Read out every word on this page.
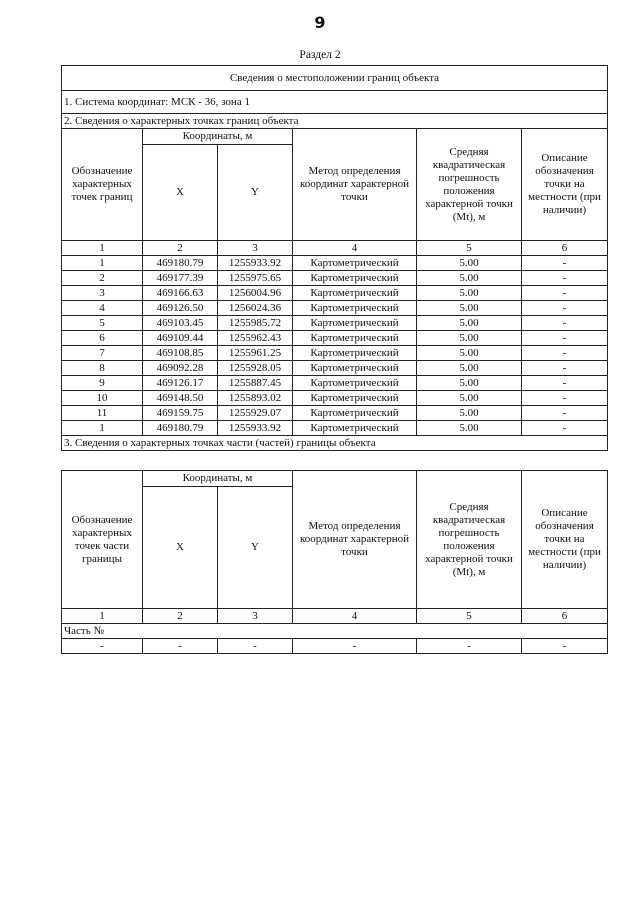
9
Раздел 2
Сведения о местоположении границ объекта					
1. Система координат: МСК - 36, зона 1					
2. Сведения о характерных точках границ объекта					
Обозначение характерных точек границ	Координаты, м		Метод определения координат характерной точки	Средняя квадратическая погрешность положения характерной точки (Mt), м	Описание обозначения точки на местности (при наличии)
	X	Y			
1	2	3	4	5	6
1	469180.79	1255933.92	Картометрический	5.00	-
2	469177.39	1255975.65	Картометрический	5.00	-
3	469166.63	1256004.96	Картометрический	5.00	-
4	469126.50	1256024.36	Картометрический	5.00	-
5	469103.45	1255985.72	Картометрический	5.00	-
6	469109.44	1255962.43	Картометрический	5.00	-
7	469108.85	1255961.25	Картометрический	5.00	-
8	469092.28	1255928.05	Картометрический	5.00	-
9	469126.17	1255887.45	Картометрический	5.00	-
10	469148.50	1255893.02	Картометрический	5.00	-
11	469159.75	1255929.07	Картометрический	5.00	-
1	469180.79	1255933.92	Картометрический	5.00	-
3. Сведения о характерных точках части (частей) границы объекта					
Обозначение характерных точек части границы	Координаты, м		Метод определения координат характерной точки	Средняя квадратическая погрешность положения характерной точки (Mt), м	Описание обозначения точки на местности (при наличии)
	X	Y			
1	2	3	4	5	6
Часть №					
-	-	-	-	-	-
